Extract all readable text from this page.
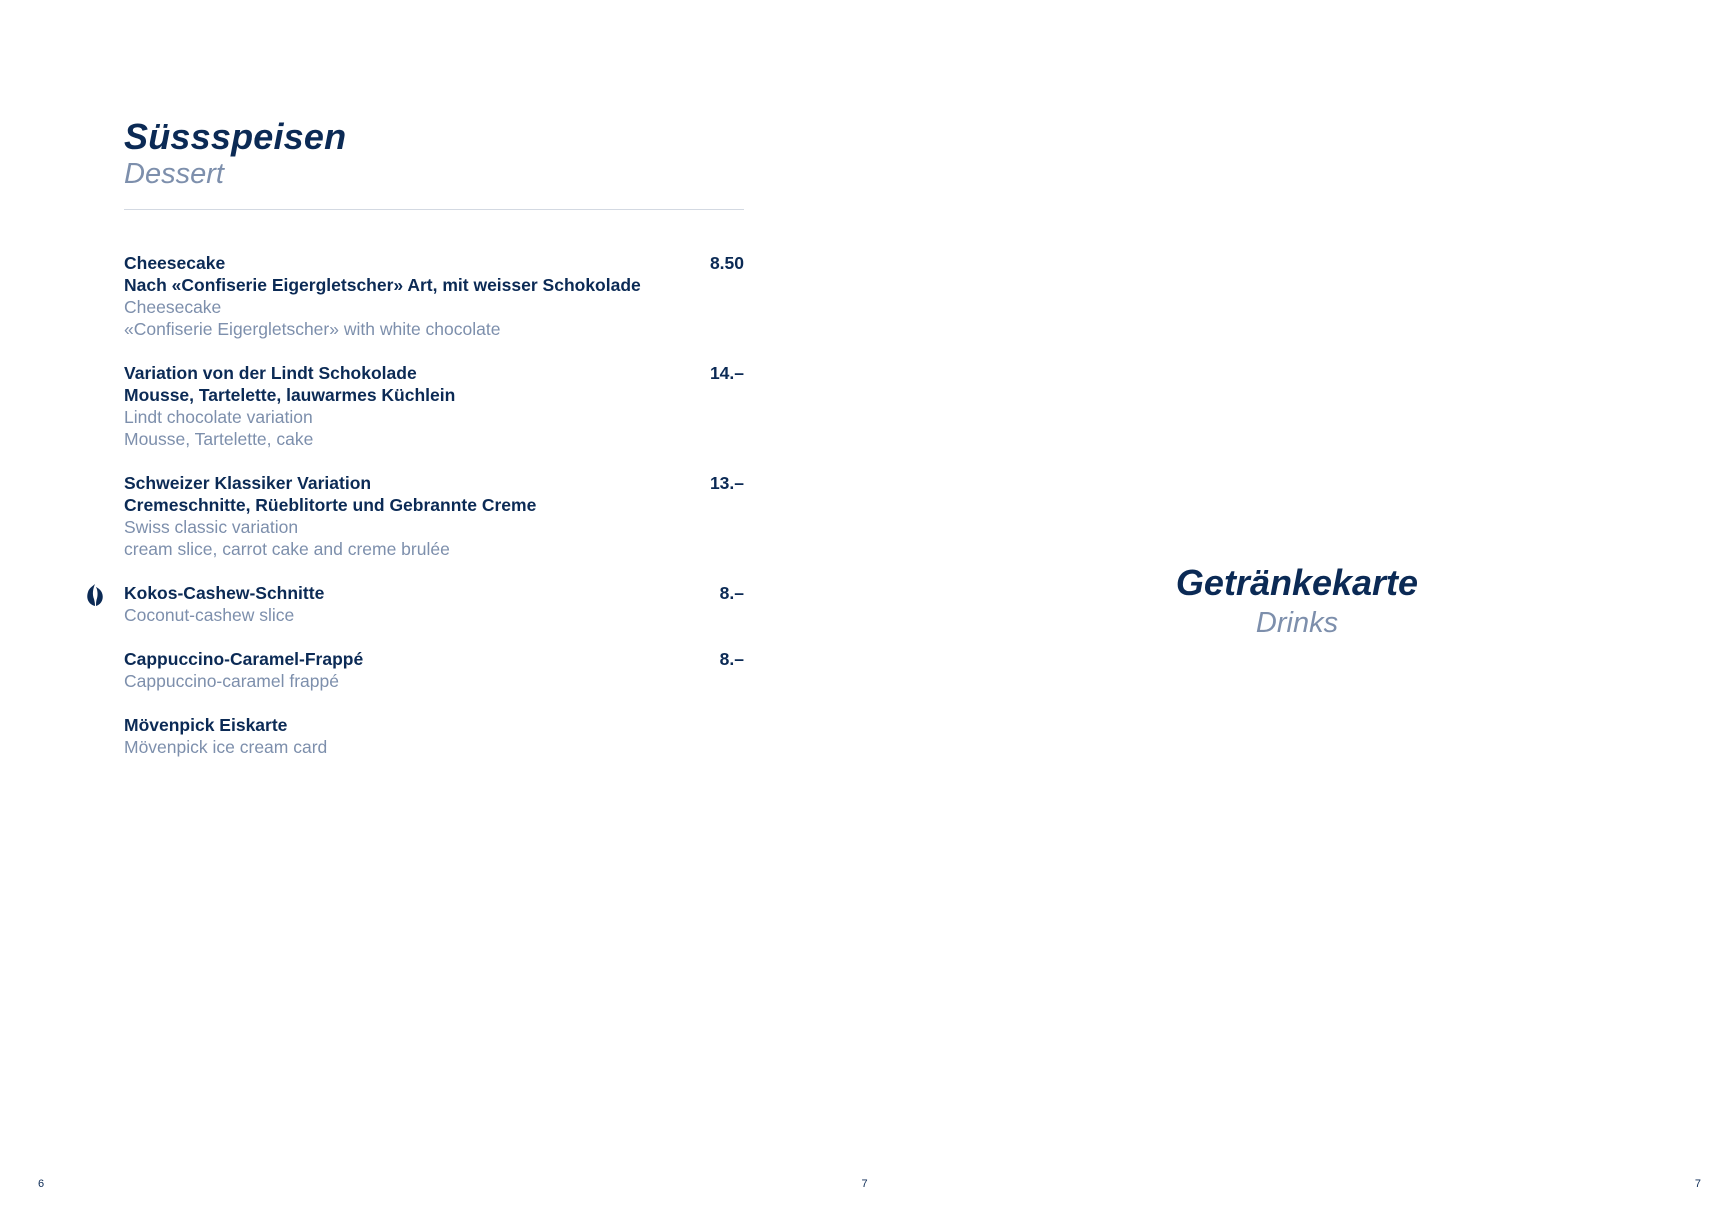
Süssspeisen
Dessert
Cheesecake
Nach «Confiserie Eigergletscher» Art, mit weisser Schokolade
Cheesecake
«Confiserie Eigergletscher» with white chocolate
8.50
Variation von der Lindt Schokolade
Mousse, Tartelette, lauwarmes Küchlein
Lindt chocolate variation
Mousse, Tartelette, cake
14.–
Schweizer Klassiker Variation
Cremeschnitte, Rüeblitorte und Gebrannte Creme
Swiss classic variation
cream slice, carrot cake and creme brulée
13.–
Kokos-Cashew-Schnitte
Coconut-cashew slice
8.–
Cappuccino-Caramel-Frappé
Cappuccino-caramel frappé
8.–
Mövenpick Eiskarte
Mövenpick ice cream card
6
Getränkekarte
Drinks
7
7
